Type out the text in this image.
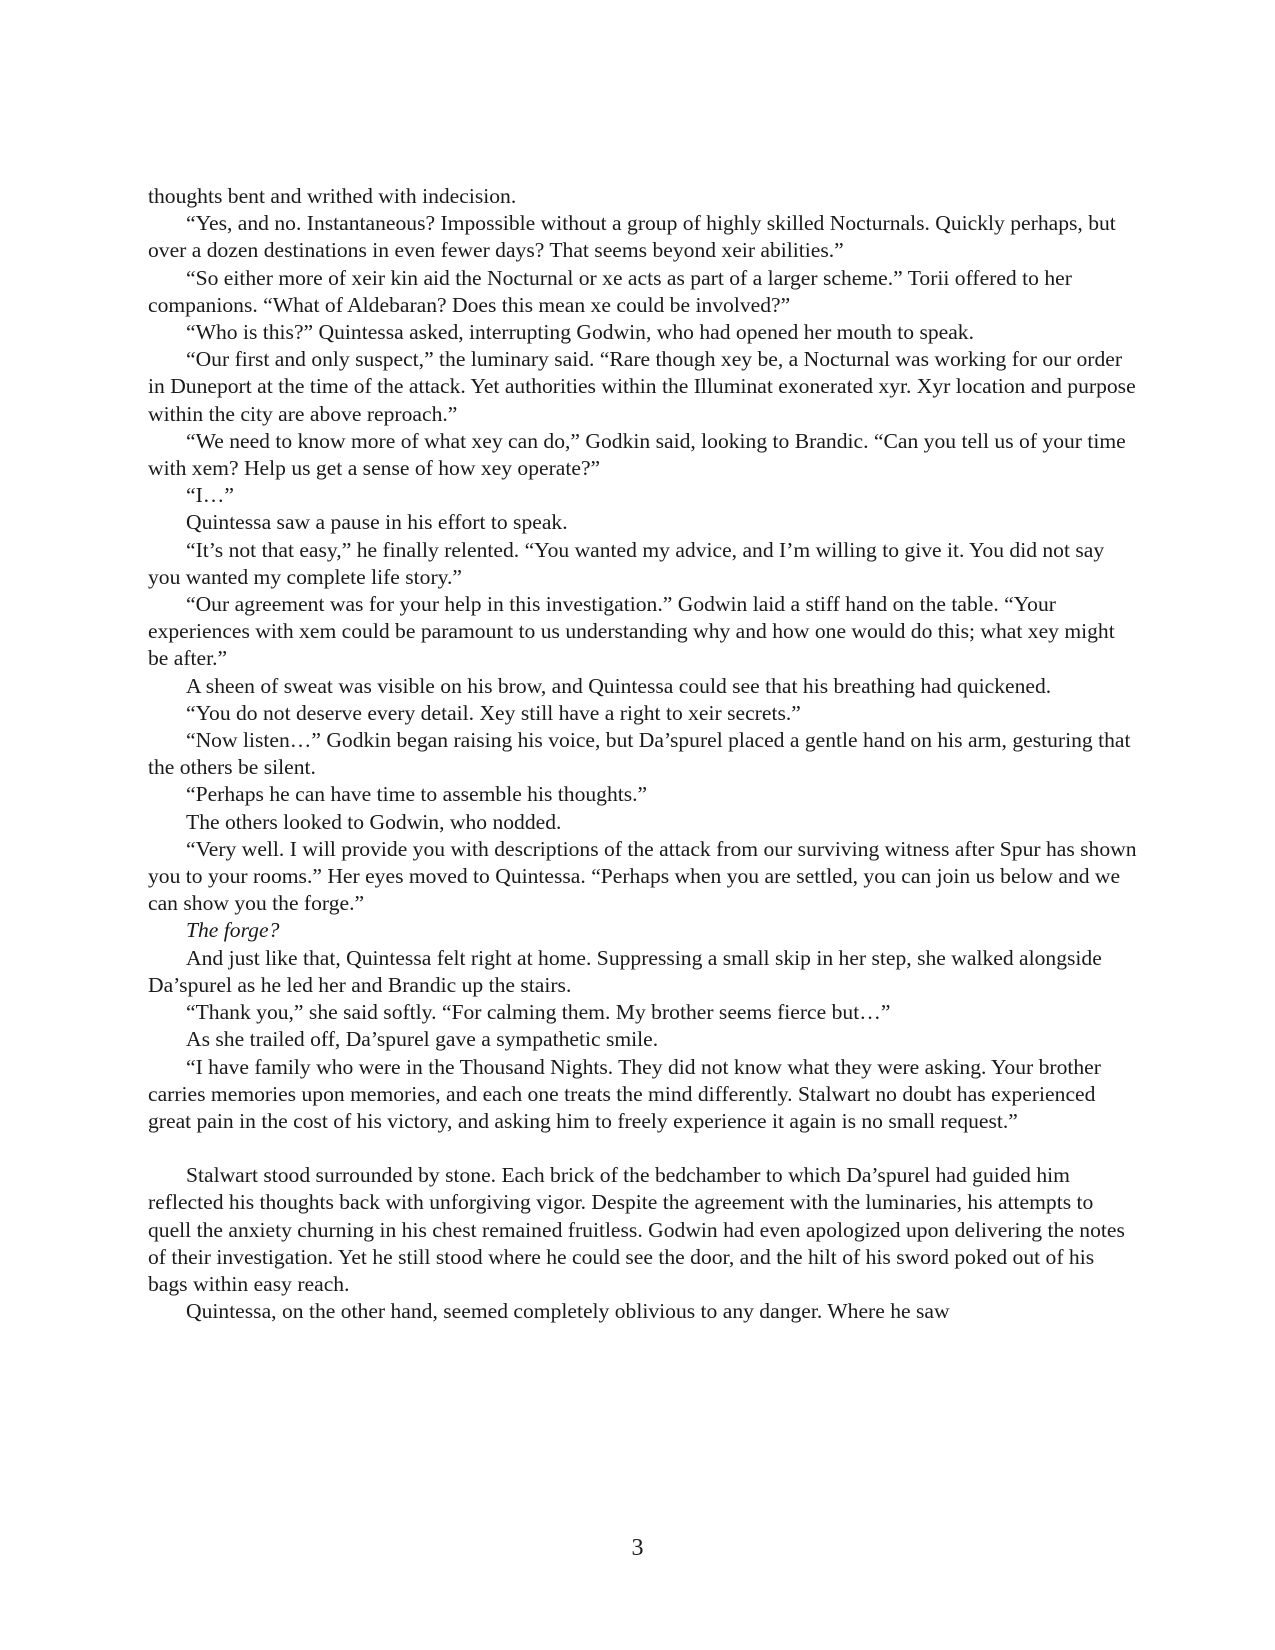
thoughts bent and writhed with indecision.

“Yes, and no. Instantaneous? Impossible without a group of highly skilled Nocturnals. Quickly perhaps, but over a dozen destinations in even fewer days? That seems beyond xeir abilities.”

“So either more of xeir kin aid the Nocturnal or xe acts as part of a larger scheme.” Torii offered to her companions. “What of Aldebaran? Does this mean xe could be involved?”

“Who is this?” Quintessa asked, interrupting Godwin, who had opened her mouth to speak.

“Our first and only suspect,” the luminary said. “Rare though xey be, a Nocturnal was working for our order in Duneport at the time of the attack. Yet authorities within the Illuminat exonerated xyr. Xyr location and purpose within the city are above reproach.”

“We need to know more of what xey can do,” Godkin said, looking to Brandic. “Can you tell us of your time with xem? Help us get a sense of how xey operate?”

“I…”

Quintessa saw a pause in his effort to speak.

“It’s not that easy,” he finally relented. “You wanted my advice, and I’m willing to give it. You did not say you wanted my complete life story.”

“Our agreement was for your help in this investigation.” Godwin laid a stiff hand on the table. “Your experiences with xem could be paramount to us understanding why and how one would do this; what xey might be after.”

A sheen of sweat was visible on his brow, and Quintessa could see that his breathing had quickened.

“You do not deserve every detail. Xey still have a right to xeir secrets.”

“Now listen…” Godkin began raising his voice, but Da’spurel placed a gentle hand on his arm, gesturing that the others be silent.

“Perhaps he can have time to assemble his thoughts.”

The others looked to Godwin, who nodded.

“Very well. I will provide you with descriptions of the attack from our surviving witness after Spur has shown you to your rooms.” Her eyes moved to Quintessa. “Perhaps when you are settled, you can join us below and we can show you the forge.”

The forge?

And just like that, Quintessa felt right at home. Suppressing a small skip in her step, she walked alongside Da’spurel as he led her and Brandic up the stairs.

“Thank you,” she said softly. “For calming them. My brother seems fierce but…”

As she trailed off, Da’spurel gave a sympathetic smile.

“I have family who were in the Thousand Nights. They did not know what they were asking. Your brother carries memories upon memories, and each one treats the mind differently. Stalwart no doubt has experienced great pain in the cost of his victory, and asking him to freely experience it again is no small request.”

Stalwart stood surrounded by stone. Each brick of the bedchamber to which Da’spurel had guided him reflected his thoughts back with unforgiving vigor. Despite the agreement with the luminaries, his attempts to quell the anxiety churning in his chest remained fruitless. Godwin had even apologized upon delivering the notes of their investigation. Yet he still stood where he could see the door, and the hilt of his sword poked out of his bags within easy reach.

Quintessa, on the other hand, seemed completely oblivious to any danger. Where he saw

3
